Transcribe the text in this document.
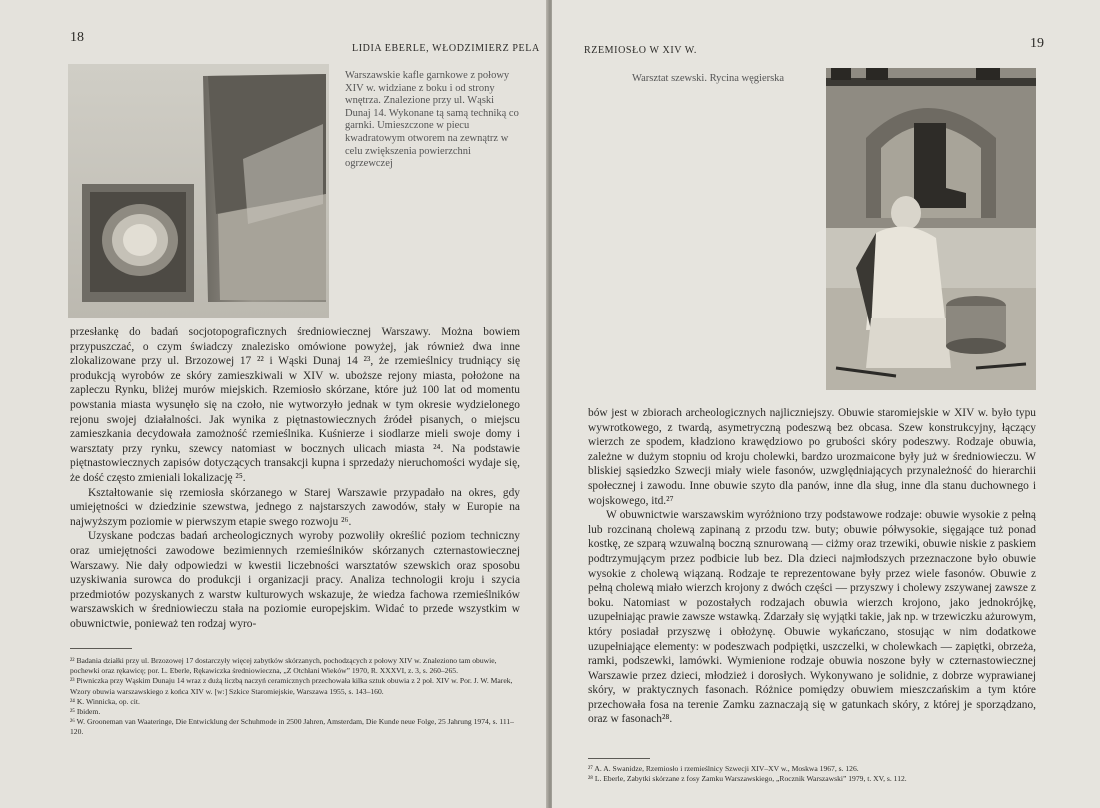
18
LIDIA EBERLE, WŁODZIMIERZ PELA
Warszawskie kafle garnkowe z połowy XIV w. widziane z boku i od strony wnętrza. Znalezione przy ul. Wąski Dunaj 14. Wykonane tą samą techniką co garnki. Umieszczone w piecu kwadratowym otworem na zewnątrz w celu zwiększenia powierzchni ogrzewczej

przesłankę do badań socjotopograficznych średniowiecznej Warszawy. Można bowiem przypuszczać, o czym świadczy znalezisko omówione powyżej, jak również dwa inne zlokalizowane przy ul. Brzozowej 17 ²² i Wąski Dunaj 14 ²³, że rzemieślnicy trudniący się produkcją wyrobów ze skóry zamieszkiwali w XIV w. uboższe rejony miasta, położone na zapleczu Rynku, bliżej murów miejskich. Rzemiosło skórzane, które już 100 lat od momentu powstania miasta wysunęło się na czoło, nie wytworzyło jednak w tym okresie wydzielonego rejonu swojej działalności. Jak wynika z piętnastowiecznych źródeł pisanych, o miejscu zamieszkania decydowała zamożność rzemieślnika. Kuśnierze i siodlarze mieli swoje domy i warsztaty przy rynku, szewcy natomiast w bocznych ulicach miasta ²⁴. Na podstawie piętnastowiecznych zapisów dotyczących transakcji kupna i sprzedaży nieruchomości wydaje się, że dość często zmieniali lokalizację ²⁵.

Kształtowanie się rzemiosła skórzanego w Starej Warszawie przypadało na okres, gdy umiejętności w dziedzinie szewstwa, jednego z najstarszych zawodów, stały w Europie na najwyższym poziomie w pierwszym etapie swego rozwoju ²⁶.

Uzyskane podczas badań archeologicznych wyroby pozwoliły określić poziom techniczny oraz umiejętności zawodowe bezimiennych rzemieślników skórzanych czternastowiecznej Warszawy. Nie dały odpowiedzi w kwestii liczebności warsztatów szewskich oraz sposobu uzyskiwania surowca do produkcji i organizacji pracy. Analiza technologii kroju i szycia przedmiotów pozyskanych z warstw kulturowych wskazuje, że wiedza fachowa rzemieślników warszawskich w średniowieczu stała na poziomie europejskim. Widać to przede wszystkim w obuwnictwie, ponieważ ten rodzaj wyro-

²² Badania działki przy ul. Brzozowej 17 dostarczyły więcej zabytków skórzanych, pochodzących z połowy XIV w. Znaleziono tam obuwie, pochewki oraz rękawicę; por. L. Eberle, Rękawiczka średniowieczna, „Z Otchłani Wieków” 1970, R. XXXVI, z. 3, s. 260–265.
²³ Piwniczka przy Wąskim Dunaju 14 wraz z dużą liczbą naczyń ceramicznych przechowała kilka sztuk obuwia z 2 poł. XIV w. Por. J. W. Marek, Wzory obuwia warszawskiego z końca XIV w. [w:] Szkice Staromiejskie, Warszawa 1955, s. 143–160.
²⁴ K. Winnicka, op. cit.
²⁵ Ibidem.
²⁶ W. Grooneman van Waateringe, Die Entwicklung der Schuhmode in 2500 Jahren, Amsterdam, Die Kunde neue Folge, 25 Jahrung 1974, s. 111–120.
RZEMIOSŁO W XIV W.	19
Warsztat szewski. Rycina węgierska

bów jest w zbiorach archeologicznych najliczniejszy. Obuwie staromiejskie w XIV w. było typu wywrotkowego, z twardą, asymetryczną podeszwą bez obcasa. Szew konstrukcyjny, łączący wierzch ze spodem, kładziono krawędziowo po grubości skóry podeszwy. Rodzaje obuwia, zależne w dużym stopniu od kroju cholewki, bardzo urozmaicone były już w średniowieczu. W bliskiej sąsiedzko Szwecji miały wiele fasonów, uzwględniających przynależność do hierarchii społecznej i zawodu. Inne obuwie szyto dla panów, inne dla sług, inne dla stanu duchownego i wojskowego, itd.²⁷

W obuwnictwie warszawskim wyróżniono trzy podstawowe rodzaje: obuwie wysokie z pełną lub rozcinaną cholewą zapinaną z przodu tzw. buty; obuwie półwysokie, sięgające tuż ponad kostkę, ze szparą wzuwalną boczną sznurowaną — ciżmy oraz trzewiki, obuwie niskie z paskiem podtrzymującym przez podbicie lub bez. Dla dzieci najmłodszych przeznaczone było obuwie wysokie z cholewą wiązaną. Rodzaje te reprezentowane były przez wiele fasonów. Obuwie z pełną cholewą miało wierzch krojony z dwóch części — przyszwy i cholewy zszywanej zawsze z boku. Natomiast w pozostałych rodzajach obuwia wierzch krojono, jako jednokrójkę, uzupełniając prawie zawsze wstawką. Zdarzały się wyjątki takie, jak np. w trzewiczku ażurowym, który posiadał przyszwę i obłożynę. Obuwie wykańczano, stosując w nim dodatkowe uzupełniające elementy: w podeszwach podpiętki, uszczelki, w cholewkach — zapiętki, obrzeża, ramki, podszewki, lamówki. Wymienione rodzaje obuwia noszone były w czternastowiecznej Warszawie przez dzieci, młodzież i dorosłych. Wykonywano je solidnie, z dobrze wyprawianej skóry, w praktycznych fasonach. Różnice pomiędzy obuwiem mieszczańskim a tym które przechowała fosa na terenie Zamku zaznaczają się w gatunkach skóry, z której je sporządzano, oraz w fasonach²⁸.

²⁷ A. A. Swanidze, Rzemiosło i rzemieślnicy Szwecji XIV–XV w., Moskwa 1967, s. 126.
²⁸ L. Eberle, Zabytki skórzane z fosy Zamku Warszawskiego, „Rocznik Warszawski” 1979, t. XV, s. 112.
